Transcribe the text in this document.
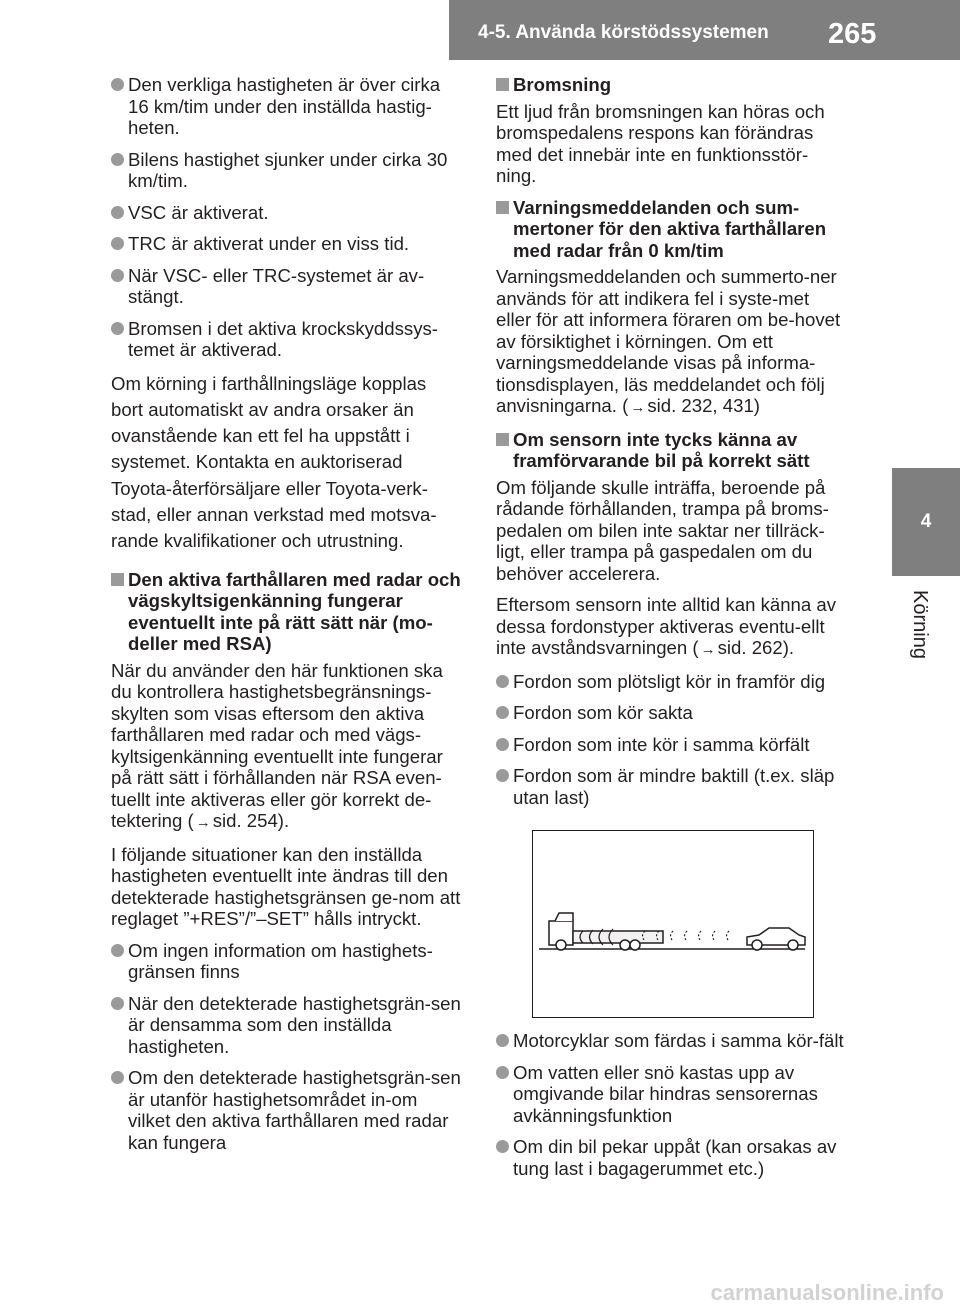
4-5. Använda körstödssystemen 265
4
Körning
Den verkliga hastigheten är över cirka 16 km/tim under den inställda hastig-heten.
Bilens hastighet sjunker under cirka 30 km/tim.
VSC är aktiverat.
TRC är aktiverat under en viss tid.
När VSC- eller TRC-systemet är av-stängt.
Bromsen i det aktiva krockskyddssys-temet är aktiverad.
Om körning i farthållningsläge kopplas bort automatiskt av andra orsaker än ovanstående kan ett fel ha uppstått i systemet. Kontakta en auktoriserad Toyota-återförsäljare eller Toyota-verk-stad, eller annan verkstad med motsva-rande kvalifikationer och utrustning.
Den aktiva farthållaren med radar och vägskyltsigenkänning fungerar eventuellt inte på rätt sätt när (mo-deller med RSA)
När du använder den här funktionen ska du kontrollera hastighetsbegränsnings-skylten som visas eftersom den aktiva farthållaren med radar och med vägs-kyltsigenkänning eventuellt inte fungerar på rätt sätt i förhållanden när RSA even-tuellt inte aktiveras eller gör korrekt de-tektering ( → sid. 254).
I följande situationer kan den inställda hastigheten eventuellt inte ändras till den detekterade hastighetsgränsen ge-nom att reglaget ”+RES”/”–SET” hålls intryckt.
Om ingen information om hastighets-gränsen finns
När den detekterade hastighetsgrän-sen är densamma som den inställda hastigheten.
Om den detekterade hastighetsgrän-sen är utanför hastighetsområdet in-om vilket den aktiva farthållaren med radar kan fungera
Bromsning
Ett ljud från bromsningen kan höras och bromspedalens respons kan förändras med det innebär inte en funktionsstör-ning.
Varningsmeddelanden och sum-mertoner för den aktiva farthållaren med radar från 0 km/tim
Varningsmeddelanden och summerto-ner används för att indikera fel i syste-met eller för att informera föraren om be-hovet av försiktighet i körningen. Om ett varningsmeddelande visas på informa-tionsdisplayen, läs meddelandet och följ anvisningarna. ( → sid. 232, 431)
Om sensorn inte tycks känna av framförvarande bil på korrekt sätt
Om följande skulle inträffa, beroende på rådande förhållanden, trampa på broms-pedalen om bilen inte saktar ner tillräck-ligt, eller trampa på gaspedalen om du behöver accelerera.
Eftersom sensorn inte alltid kan känna av dessa fordonstyper aktiveras eventu-ellt inte avståndsvarningen ( → sid. 262).
Fordon som plötsligt kör in framför dig
Fordon som kör sakta
Fordon som inte kör i samma körfält
Fordon som är mindre baktill (t.ex. släp utan last)
Motorcyklar som färdas i samma kör-fält
Om vatten eller snö kastas upp av omgivande bilar hindras sensorernas avkänningsfunktion
Om din bil pekar uppåt (kan orsakas av tung last i bagagerummet etc.)
carmanualsonline.info
